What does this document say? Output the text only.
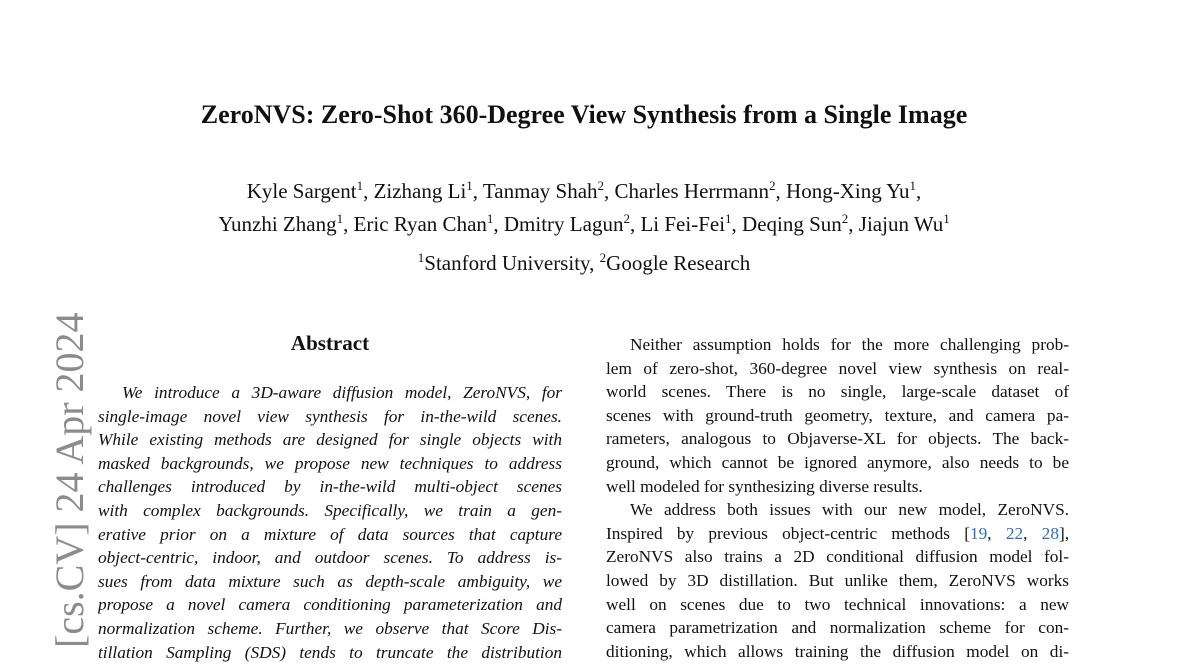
ZeroNVS: Zero-Shot 360-Degree View Synthesis from a Single Image
Kyle Sargent$^1$, Zizhang Li$^1$, Tanmay Shah$^2$, Charles Herrmann$^2$, Hong-Xing Yu$^1$,
Yunzhi Zhang$^1$, Eric Ryan Chan$^1$, Dmitry Lagun$^2$, Li Fei-Fei$^1$, Deqing Sun$^2$, Jiajun Wu$^1$
$^1$Stanford University, $^2$Google Research
[cs.CV] 24 Apr 2024	Abstract
We introduce a 3D-aware diffusion model, ZeroNVS, for
single-image novel view synthesis for in-the-wild scenes.
While existing methods are designed for single objects with
masked backgrounds, we propose new techniques to address
challenges introduced by in-the-wild multi-object scenes
with complex backgrounds. Specifically, we train a gen-
erative prior on a mixture of data sources that capture
object-centric, indoor, and outdoor scenes. To address is-
sues from data mixture such as depth-scale ambiguity, we
propose a novel camera conditioning parameterization and
normalization scheme. Further, we observe that Score Dis-
tillation Sampling (SDS) tends to truncate the distribution
Neither assumption holds for the more challenging prob-
lem of zero-shot, 360-degree novel view synthesis on real-
world scenes. There is no single, large-scale dataset of
scenes with ground-truth geometry, texture, and camera pa-
rameters, analogous to Objaverse-XL for objects. The back-
ground, which cannot be ignored anymore, also needs to be
well modeled for synthesizing diverse results.
We address both issues with our new model, ZeroNVS.
Inspired by previous object-centric methods [19, 22, 28],
ZeroNVS also trains a 2D conditional diffusion model fol-
lowed by 3D distillation. But unlike them, ZeroNVS works
well on scenes due to two technical innovations: a new
camera parametrization and normalization scheme for con-
ditioning, which allows training the diffusion model on di-
